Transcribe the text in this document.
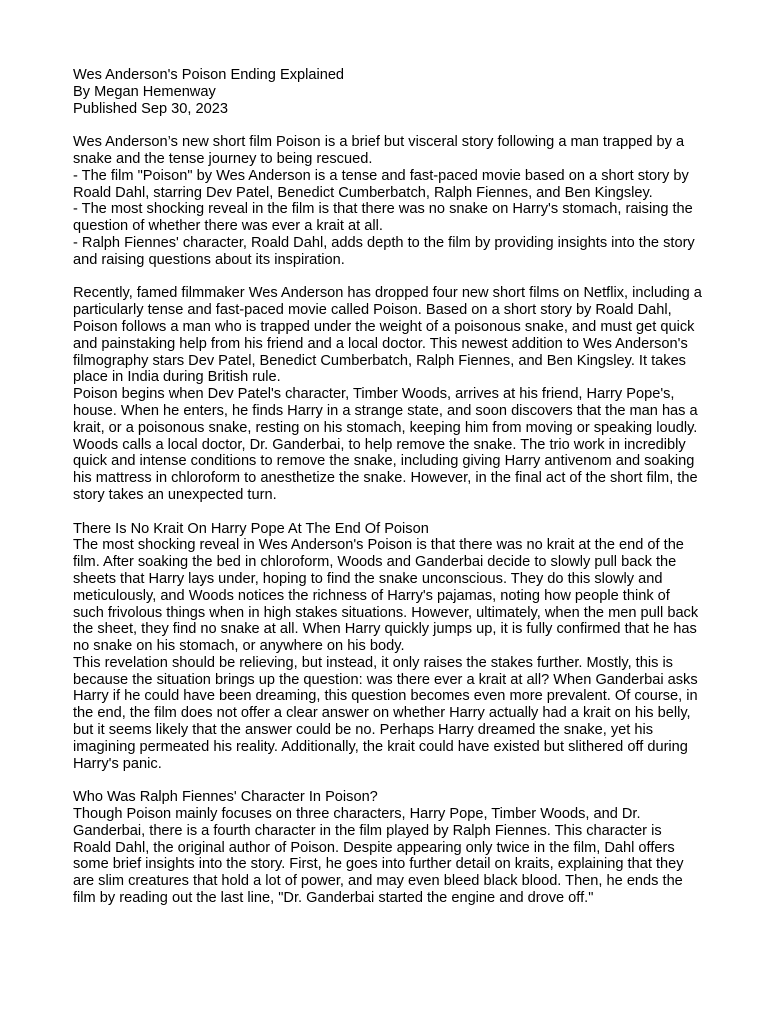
Wes Anderson's Poison Ending Explained

By Megan Hemenway

Published Sep 30, 2023

Wes Anderson’s new short film Poison is a brief but visceral story following a man trapped by a snake and the tense journey to being rescued.

- The film "Poison" by Wes Anderson is a tense and fast-paced movie based on a short story by Roald Dahl, starring Dev Patel, Benedict Cumberbatch, Ralph Fiennes, and Ben Kingsley.

- The most shocking reveal in the film is that there was no snake on Harry's stomach, raising the question of whether there was ever a krait at all.

- Ralph Fiennes' character, Roald Dahl, adds depth to the film by providing insights into the story and raising questions about its inspiration.

Recently, famed filmmaker Wes Anderson has dropped four new short films on Netflix, including a particularly tense and fast-paced movie called Poison. Based on a short story by Roald Dahl, Poison follows a man who is trapped under the weight of a poisonous snake, and must get quick and painstaking help from his friend and a local doctor. This newest addition to Wes Anderson's filmography stars Dev Patel, Benedict Cumberbatch, Ralph Fiennes, and Ben Kingsley. It takes place in India during British rule.

Poison begins when Dev Patel's character, Timber Woods, arrives at his friend, Harry Pope's, house. When he enters, he finds Harry in a strange state, and soon discovers that the man has a krait, or a poisonous snake, resting on his stomach, keeping him from moving or speaking loudly. Woods calls a local doctor, Dr. Ganderbai, to help remove the snake. The trio work in incredibly quick and intense conditions to remove the snake, including giving Harry antivenom and soaking his mattress in chloroform to anesthetize the snake. However, in the final act of the short film, the story takes an unexpected turn.

There Is No Krait On Harry Pope At The End Of Poison

The most shocking reveal in Wes Anderson's Poison is that there was no krait at the end of the film. After soaking the bed in chloroform, Woods and Ganderbai decide to slowly pull back the sheets that Harry lays under, hoping to find the snake unconscious. They do this slowly and meticulously, and Woods notices the richness of Harry's pajamas, noting how people think of such frivolous things when in high stakes situations. However, ultimately, when the men pull back the sheet, they find no snake at all. When Harry quickly jumps up, it is fully confirmed that he has no snake on his stomach, or anywhere on his body.

This revelation should be relieving, but instead, it only raises the stakes further. Mostly, this is because the situation brings up the question: was there ever a krait at all? When Ganderbai asks Harry if he could have been dreaming, this question becomes even more prevalent. Of course, in the end, the film does not offer a clear answer on whether Harry actually had a krait on his belly, but it seems likely that the answer could be no. Perhaps Harry dreamed the snake, yet his imagining permeated his reality. Additionally, the krait could have existed but slithered off during Harry's panic.

Who Was Ralph Fiennes' Character In Poison?

Though Poison mainly focuses on three characters, Harry Pope, Timber Woods, and Dr. Ganderbai, there is a fourth character in the film played by Ralph Fiennes. This character is Roald Dahl, the original author of Poison. Despite appearing only twice in the film, Dahl offers some brief insights into the story. First, he goes into further detail on kraits, explaining that they are slim creatures that hold a lot of power, and may even bleed black blood. Then, he ends the film by reading out the last line, "Dr. Ganderbai started the engine and drove off."
